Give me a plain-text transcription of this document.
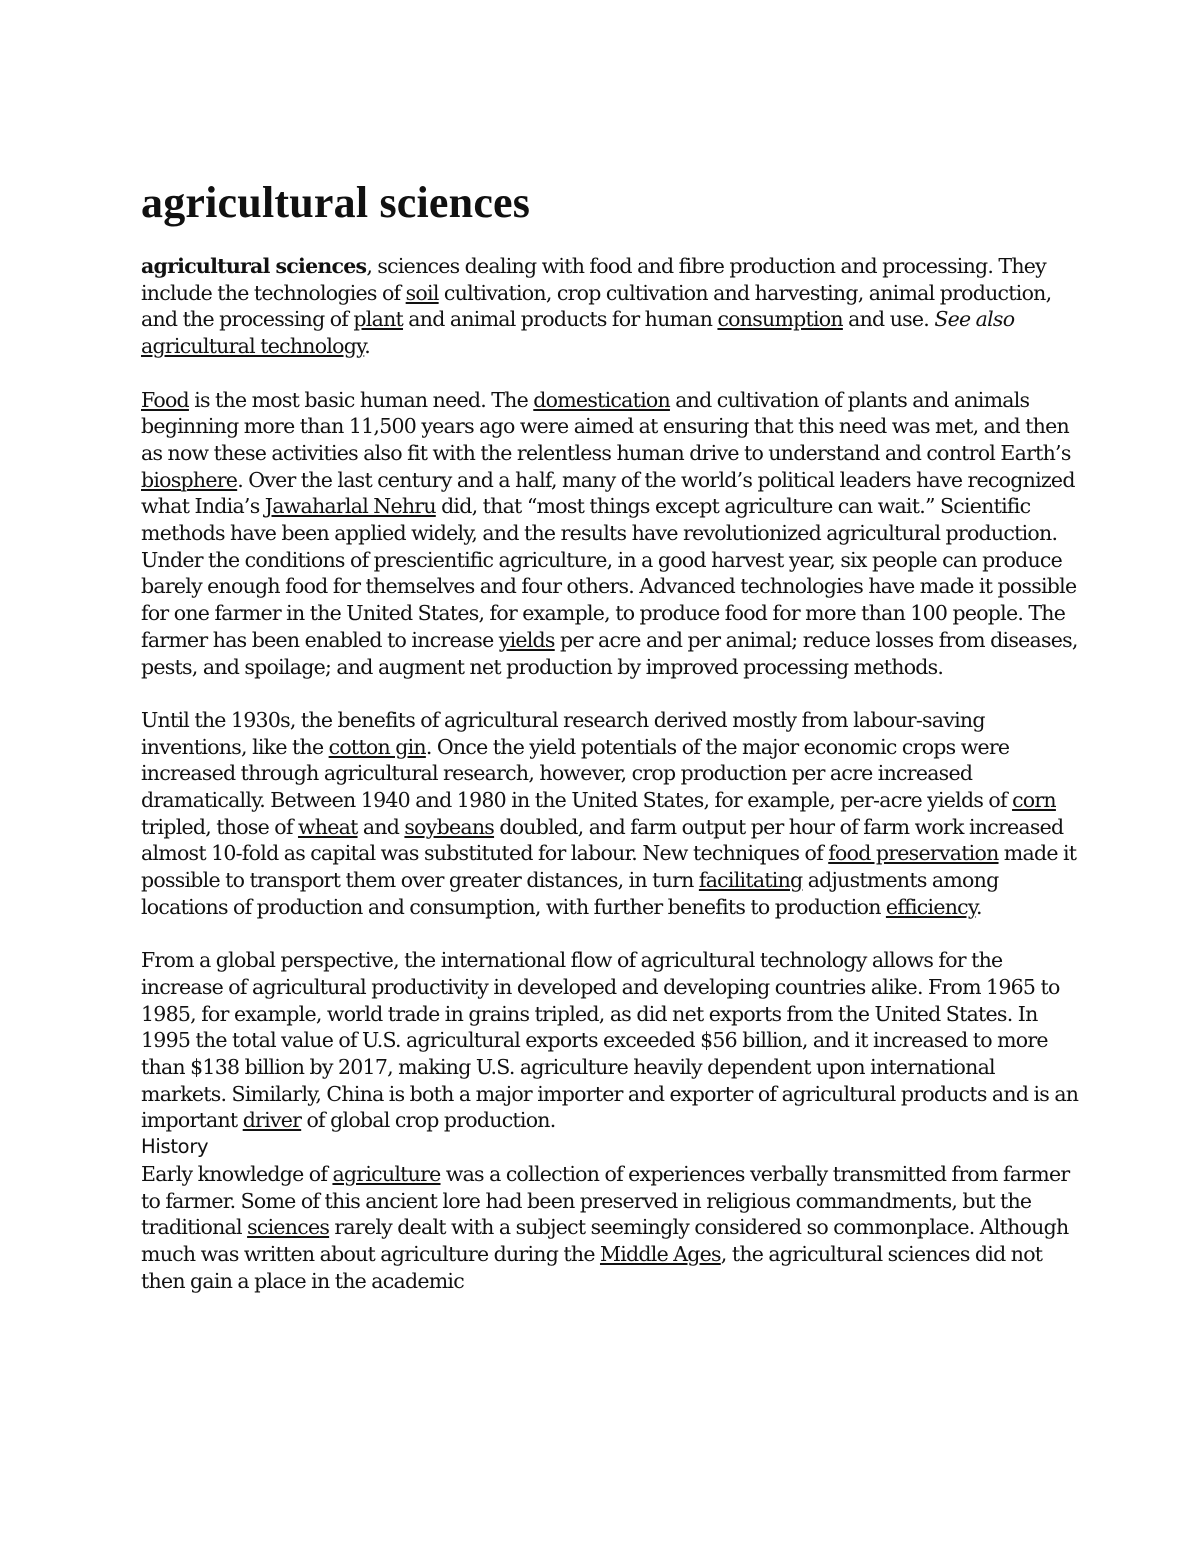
agricultural sciences

agricultural sciences, sciences dealing with food and fibre production and processing. They include the technologies of soil cultivation, crop cultivation and harvesting, animal production, and the processing of plant and animal products for human consumption and use. See also agricultural technology.

Food is the most basic human need. The domestication and cultivation of plants and animals beginning more than 11,500 years ago were aimed at ensuring that this need was met, and then as now these activities also fit with the relentless human drive to understand and control Earth’s biosphere. Over the last century and a half, many of the world’s political leaders have recognized what India’s Jawaharlal Nehru did, that “most things except agriculture can wait.” Scientific methods have been applied widely, and the results have revolutionized agricultural production. Under the conditions of prescientific agriculture, in a good harvest year, six people can produce barely enough food for themselves and four others. Advanced technologies have made it possible for one farmer in the United States, for example, to produce food for more than 100 people. The farmer has been enabled to increase yields per acre and per animal; reduce losses from diseases, pests, and spoilage; and augment net production by improved processing methods.

Until the 1930s, the benefits of agricultural research derived mostly from labour-saving inventions, like the cotton gin. Once the yield potentials of the major economic crops were increased through agricultural research, however, crop production per acre increased dramatically. Between 1940 and 1980 in the United States, for example, per-acre yields of corn tripled, those of wheat and soybeans doubled, and farm output per hour of farm work increased almost 10-fold as capital was substituted for labour. New techniques of food preservation made it possible to transport them over greater distances, in turn facilitating adjustments among locations of production and consumption, with further benefits to production efficiency.

From a global perspective, the international flow of agricultural technology allows for the increase of agricultural productivity in developed and developing countries alike. From 1965 to 1985, for example, world trade in grains tripled, as did net exports from the United States. In 1995 the total value of U.S. agricultural exports exceeded $56 billion, and it increased to more than $138 billion by 2017, making U.S. agriculture heavily dependent upon international markets. Similarly, China is both a major importer and exporter of agricultural products and is an important driver of global crop production.

History

Early knowledge of agriculture was a collection of experiences verbally transmitted from farmer to farmer. Some of this ancient lore had been preserved in religious commandments, but the traditional sciences rarely dealt with a subject seemingly considered so commonplace. Although much was written about agriculture during the Middle Ages, the agricultural sciences did not then gain a place in the academic
